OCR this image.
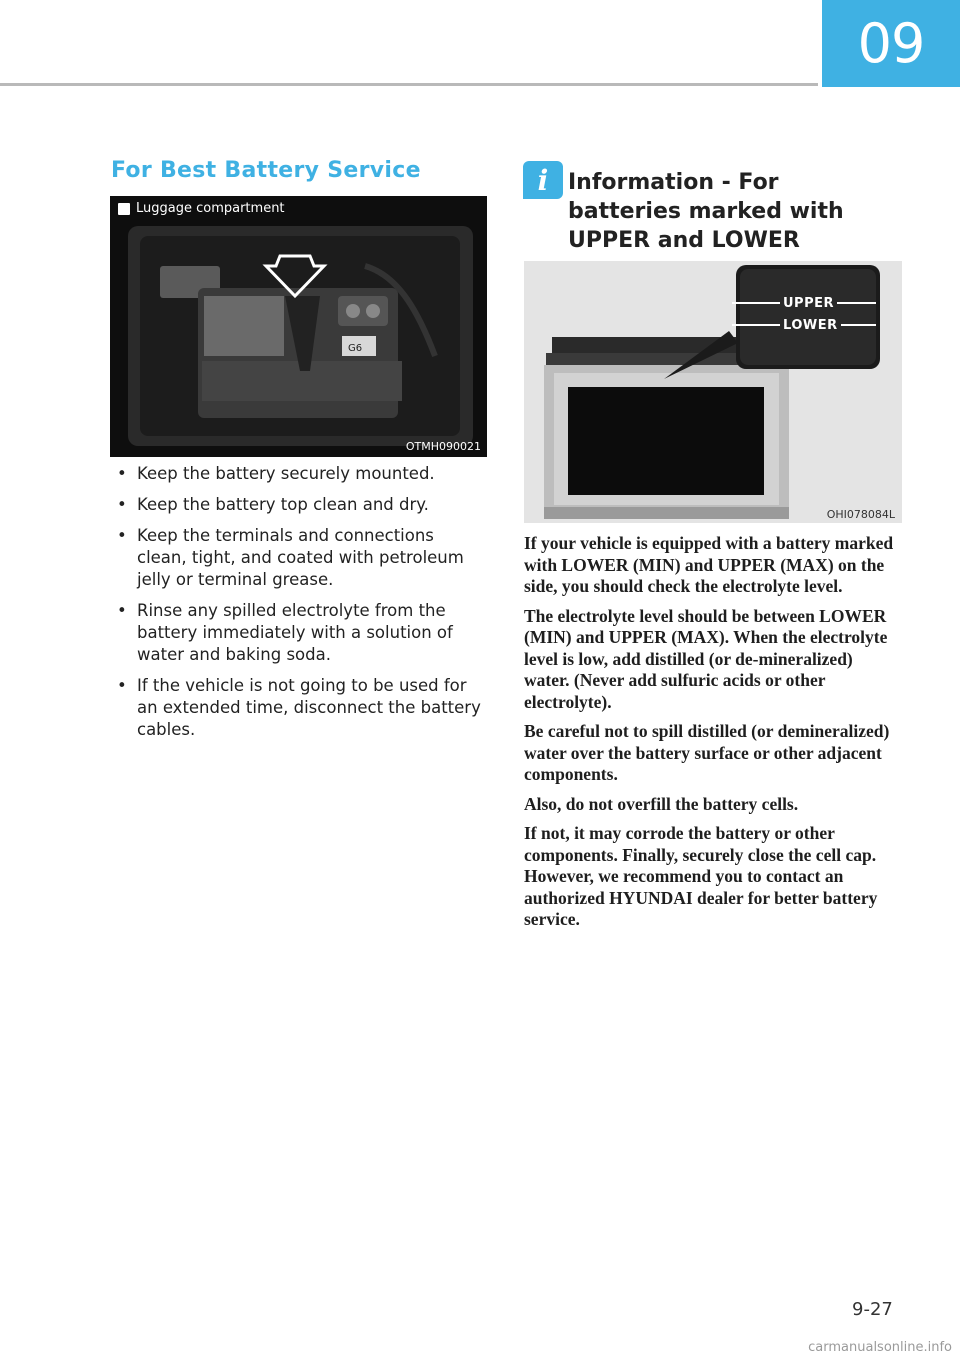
09
For Best Battery Service
G6
Luggage compartment
OTMH090021
• Keep the battery securely mounted.
• Keep the battery top clean and dry.
• Keep the terminals and connections clean, tight, and coated with petroleum jelly or terminal grease.
• Rinse any spilled electrolyte from the battery immediately with a solution of water and baking soda.
• If the vehicle is not going to be used for an extended time, disconnect the battery cables.
i Information - For batteries marked with UPPER and LOWER
UPPER
LOWER
OHI078084L

If your vehicle is equipped with a battery marked with LOWER (MIN) and UPPER (MAX) on the side, you should check the electrolyte level.

The electrolyte level should be between LOWER (MIN) and UPPER (MAX). When the electrolyte level is low, add distilled (or de-mineralized) water. (Never add sulfuric acids or other electrolyte).

Be careful not to spill distilled (or demineralized) water over the battery surface or other adjacent components.

Also, do not overfill the battery cells.

If not, it may corrode the battery or other components. Finally, securely close the cell cap. However, we recommend you to contact an authorized HYUNDAI dealer for better battery service.

9-27
carmanualsonline.info
